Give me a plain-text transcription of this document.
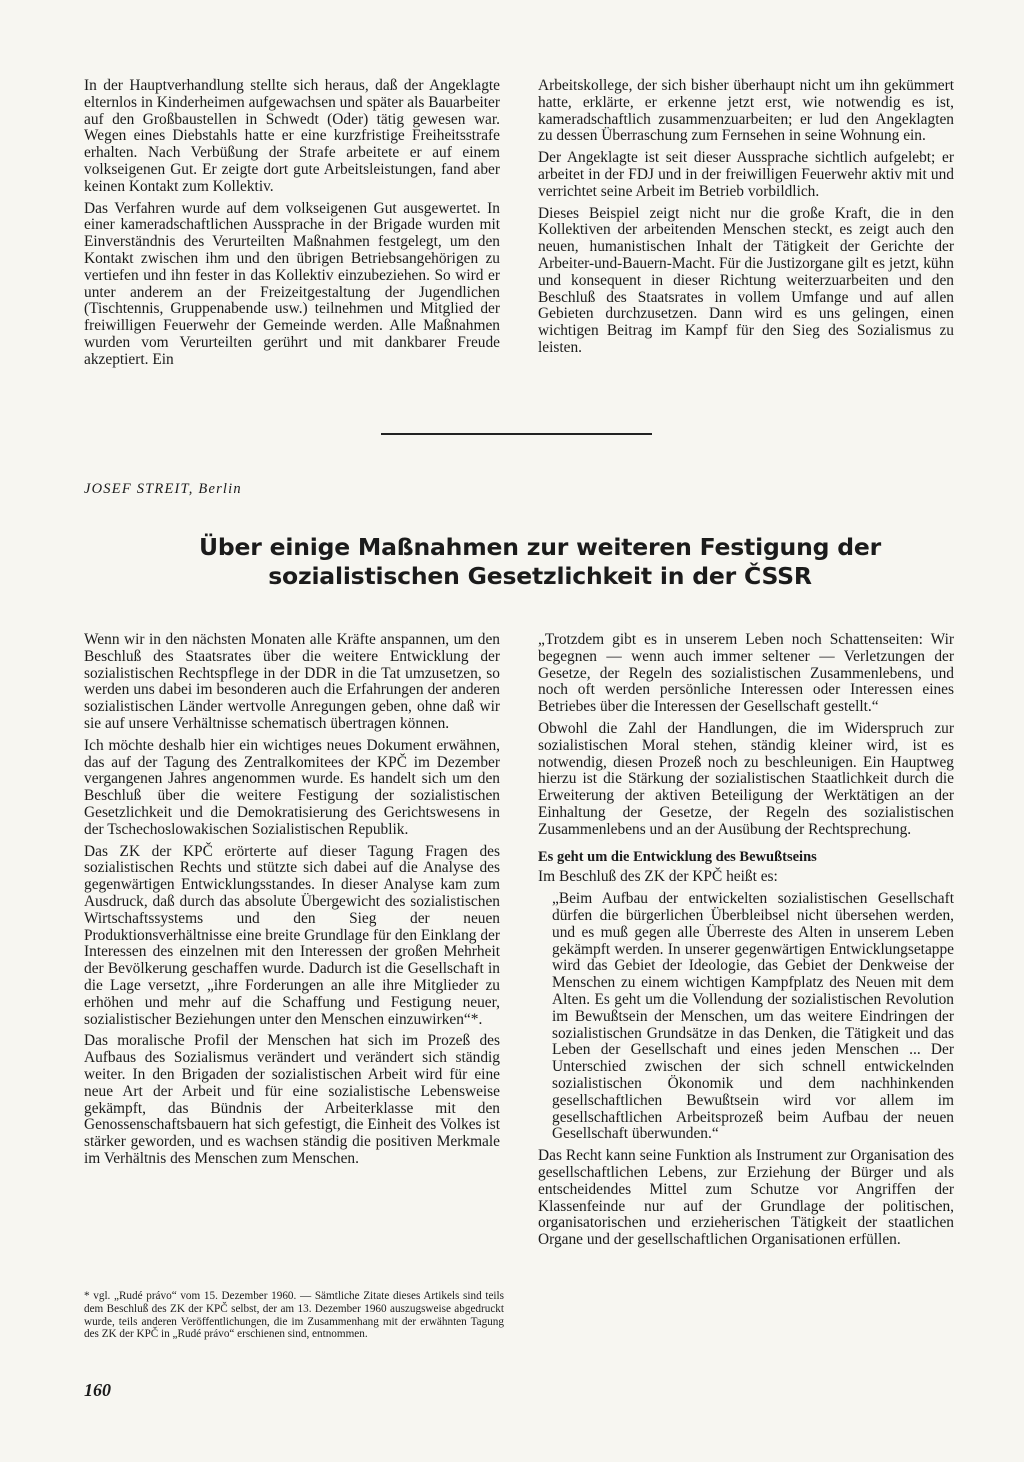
In der Hauptverhandlung stellte sich heraus, daß der Angeklagte elternlos in Kinderheimen aufgewachsen und später als Bauarbeiter auf den Großbaustellen in Schwedt (Oder) tätig gewesen war. Wegen eines Diebstahls hatte er eine kurzfristige Freiheitsstrafe erhalten. Nach Verbüßung der Strafe arbeitete er auf einem volkseigenen Gut. Er zeigte dort gute Arbeitsleistungen, fand aber keinen Kontakt zum Kollektiv.

Das Verfahren wurde auf dem volkseigenen Gut ausgewertet. In einer kameradschaftlichen Aussprache in der Brigade wurden mit Einverständnis des Verurteilten Maßnahmen festgelegt, um den Kontakt zwischen ihm und den übrigen Betriebsangehörigen zu vertiefen und ihn fester in das Kollektiv einzubeziehen. So wird er unter anderem an der Freizeitgestaltung der Jugendlichen (Tischtennis, Gruppenabende usw.) teilnehmen und Mitglied der freiwilligen Feuerwehr der Gemeinde werden. Alle Maßnahmen wurden vom Verurteilten gerührt und mit dankbarer Freude akzeptiert. Ein

Arbeitskollege, der sich bisher überhaupt nicht um ihn gekümmert hatte, erklärte, er erkenne jetzt erst, wie notwendig es ist, kameradschaftlich zusammenzuarbeiten; er lud den Angeklagten zu dessen Überraschung zum Fernsehen in seine Wohnung ein.

Der Angeklagte ist seit dieser Aussprache sichtlich aufgelebt; er arbeitet in der FDJ und in der freiwilligen Feuerwehr aktiv mit und verrichtet seine Arbeit im Betrieb vorbildlich.

Dieses Beispiel zeigt nicht nur die große Kraft, die in den Kollektiven der arbeitenden Menschen steckt, es zeigt auch den neuen, humanistischen Inhalt der Tätigkeit der Gerichte der Arbeiter-und-Bauern-Macht. Für die Justizorgane gilt es jetzt, kühn und konsequent in dieser Richtung weiterzuarbeiten und den Beschluß des Staatsrates in vollem Umfange und auf allen Gebieten durchzusetzen. Dann wird es uns gelingen, einen wichtigen Beitrag im Kampf für den Sieg des Sozialismus zu leisten.

JOSEF STREIT, Berlin
Über einige Maßnahmen zur weiteren Festigung der
sozialistischen Gesetzlichkeit in der ČSSR

Wenn wir in den nächsten Monaten alle Kräfte anspannen, um den Beschluß des Staatsrates über die weitere Entwicklung der sozialistischen Rechtspflege in der DDR in die Tat umzusetzen, so werden uns dabei im besonderen auch die Erfahrungen der anderen sozialistischen Länder wertvolle Anregungen geben, ohne daß wir sie auf unsere Verhältnisse schematisch übertragen können.

Ich möchte deshalb hier ein wichtiges neues Dokument erwähnen, das auf der Tagung des Zentralkomitees der KPČ im Dezember vergangenen Jahres angenommen wurde. Es handelt sich um den Beschluß über die weitere Festigung der sozialistischen Gesetzlichkeit und die Demokratisierung des Gerichtswesens in der Tschechoslowakischen Sozialistischen Republik.

Das ZK der KPČ erörterte auf dieser Tagung Fragen des sozialistischen Rechts und stützte sich dabei auf die Analyse des gegenwärtigen Entwicklungsstandes. In dieser Analyse kam zum Ausdruck, daß durch das absolute Übergewicht des sozialistischen Wirtschaftssystems und den Sieg der neuen Produktionsverhältnisse eine breite Grundlage für den Einklang der Interessen des einzelnen mit den Interessen der großen Mehrheit der Bevölkerung geschaffen wurde. Dadurch ist die Gesellschaft in die Lage versetzt, „ihre Forderungen an alle ihre Mitglieder zu erhöhen und mehr auf die Schaffung und Festigung neuer, sozialistischer Beziehungen unter den Menschen einzuwirken“*.

Das moralische Profil der Menschen hat sich im Prozeß des Aufbaus des Sozialismus verändert und verändert sich ständig weiter. In den Brigaden der sozialistischen Arbeit wird für eine neue Art der Arbeit und für eine sozialistische Lebensweise gekämpft, das Bündnis der Arbeiterklasse mit den Genossenschaftsbauern hat sich gefestigt, die Einheit des Volkes ist stärker geworden, und es wachsen ständig die positiven Merkmale im Verhältnis des Menschen zum Menschen.

„Trotzdem gibt es in unserem Leben noch Schattenseiten: Wir begegnen — wenn auch immer seltener — Verletzungen der Gesetze, der Regeln des sozialistischen Zusammenlebens, und noch oft werden persönliche Interessen oder Interessen eines Betriebes über die Interessen der Gesellschaft gestellt.“

Obwohl die Zahl der Handlungen, die im Widerspruch zur sozialistischen Moral stehen, ständig kleiner wird, ist es notwendig, diesen Prozeß noch zu beschleunigen. Ein Hauptweg hierzu ist die Stärkung der sozialistischen Staatlichkeit durch die Erweiterung der aktiven Beteiligung der Werktätigen an der Einhaltung der Gesetze, der Regeln des sozialistischen Zusammenlebens und an der Ausübung der Rechtsprechung.

Es geht um die Entwicklung des Bewußtseins

Im Beschluß des ZK der KPČ heißt es:

„Beim Aufbau der entwickelten sozialistischen Gesellschaft dürfen die bürgerlichen Überbleibsel nicht übersehen werden, und es muß gegen alle Überreste des Alten in unserem Leben gekämpft werden. In unserer gegenwärtigen Entwicklungsetappe wird das Gebiet der Ideologie, das Gebiet der Denkweise der Menschen zu einem wichtigen Kampfplatz des Neuen mit dem Alten. Es geht um die Vollendung der sozialistischen Revolution im Bewußtsein der Menschen, um das weitere Eindringen der sozialistischen Grundsätze in das Denken, die Tätigkeit und das Leben der Gesellschaft und eines jeden Menschen ... Der Unterschied zwischen der sich schnell entwickelnden sozialistischen Ökonomik und dem nachhinkenden gesellschaftlichen Bewußtsein wird vor allem im gesellschaftlichen Arbeitsprozeß beim Aufbau der neuen Gesellschaft überwunden.“

Das Recht kann seine Funktion als Instrument zur Organisation des gesellschaftlichen Lebens, zur Erziehung der Bürger und als entscheidendes Mittel zum Schutze vor Angriffen der Klassenfeinde nur auf der Grundlage der politischen, organisatorischen und erzieherischen Tätigkeit der staatlichen Organe und der gesellschaftlichen Organisationen erfüllen.

* vgl. „Rudé právo“ vom 15. Dezember 1960. — Sämtliche Zitate dieses Artikels sind teils dem Beschluß des ZK der KPČ selbst, der am 13. Dezember 1960 auszugsweise abgedruckt wurde, teils anderen Veröffentlichungen, die im Zusammenhang mit der erwähnten Tagung des ZK der KPČ in „Rudé právo“ erschienen sind, entnommen.
160
